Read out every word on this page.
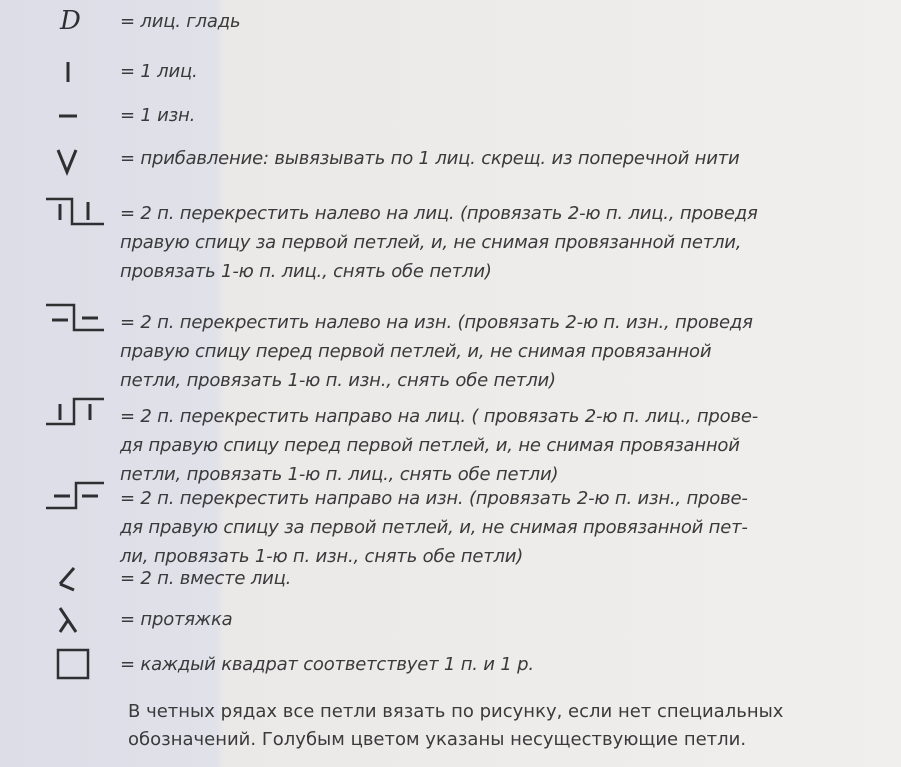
D = лиц. гладь
= 1 лиц.
= 1 изн.
= прибавление: вывязывать по 1 лиц. скрещ. из поперечной нити
= 2 п. перекрестить налево на лиц. (провязать 2-ю п. лиц., проведя
правую спицу за первой петлей, и, не снимая провязанной петли,
провязать 1-ю п. лиц., снять обе петли)
= 2 п. перекрестить налево на изн. (провязать 2-ю п. изн., проведя
правую спицу перед первой петлей, и, не снимая провязанной
петли, провязать 1-ю п. изн., снять обе петли)
= 2 п. перекрестить направо на лиц. ( провязать 2-ю п. лиц., прове-
дя правую спицу перед первой петлей, и, не снимая провязанной
петли, провязать 1-ю п. лиц., снять обе петли)
= 2 п. перекрестить направо на изн. (провязать 2-ю п. изн., прове-
дя правую спицу за первой петлей, и, не снимая провязанной пет-
ли, провязать 1-ю п. изн., снять обе петли)
= 2 п. вместе лиц.
= протяжка
= каждый квадрат соответствует 1 п. и 1 р.
В четных рядах все петли вязать по рисунку, если нет специальных
обозначений. Голубым цветом указаны несуществующие петли.
